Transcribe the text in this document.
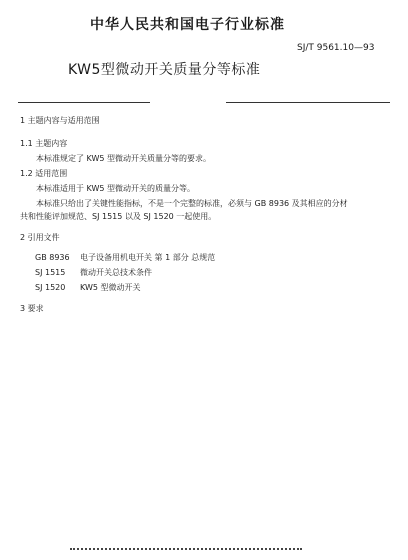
中华人民共和国电子行业标准
SJ/T 9561.10—93
KW5型微动开关质量分等标准
1 主题内容与适用范围
1.1 主题内容
本标准规定了 KW5 型微动开关质量分等的要求。
1.2 适用范围
本标准适用于 KW5 型微动开关的质量分等。
本标准只给出了关键性能指标，不是一个完整的标准，必须与 GB 8936 及其相应的分材
共和性能评加规范、SJ 1515 以及 SJ 1520 一起使用。
2 引用文件
GB 8936 电子设备用机电开关 第 1 部分 总规范
SJ 1515 微动开关总技术条件
SJ 1520 KW5 型微动开关
3 要求
